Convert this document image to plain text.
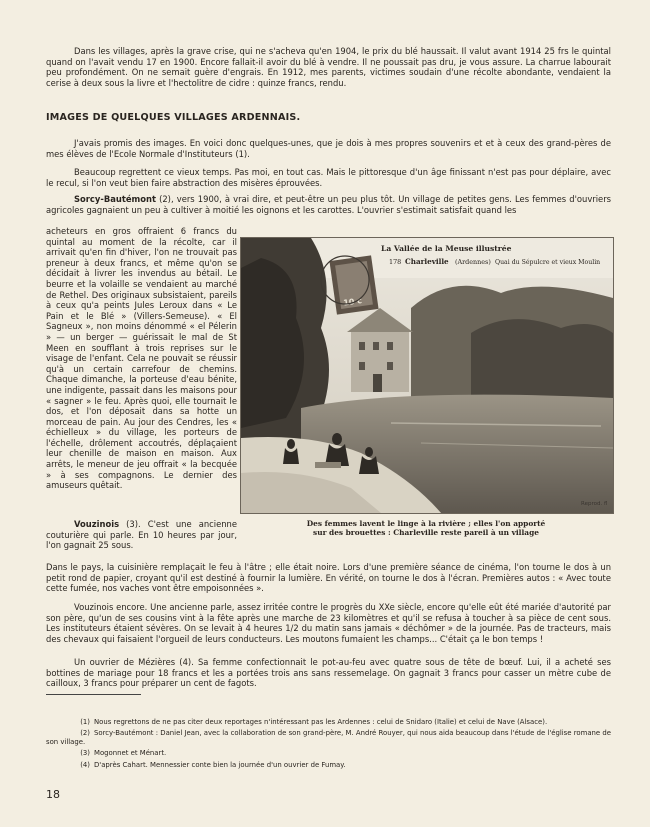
Dans les villages, après la grave crise, qui ne s'acheva qu'en 1904, le prix du blé haussait. Il valut avant 1914 25 frs le quintal quand on l'avait vendu 17 en 1900. Encore fallait-il avoir du blé à vendre. Il ne poussait pas dru, je vous assure. La charrue labourait peu profondément. On ne semait guère d'engrais. En 1912, mes parents, victimes soudain d'une récolte abondante, vendaient la cerise à deux sous la livre et l'hectolitre de cidre : quinze francs, rendu.

IMAGES DE QUELQUES VILLAGES ARDENNAIS.

J'avais promis des images. En voici donc quelques-unes, que je dois à mes propres souvenirs et et à ceux des grand-pères de mes élèves de l'Ecole Normale d'Instituteurs (1).

Beaucoup regrettent ce vieux temps. Pas moi, en tout cas. Mais le pittoresque d'un âge finissant n'est pas pour déplaire, avec le recul, si l'on veut bien faire abstraction des misères éprouvées.

Sorcy-Bautémont (2), vers 1900, à vrai dire, et peut-être un peu plus tôt. Un village de petites gens. Les femmes d'ouvriers agricoles gagnaient un peu à cultiver à moitié les oignons et les carottes. L'ouvrier s'estimait satisfait quand les

acheteurs en gros offraient 6 francs du quintal au moment de la récolte, car il arrivait qu'en fin d'hiver, l'on ne trouvait pas preneur à deux francs, et même qu'on se décidait à livrer les invendus au bétail. Le beurre et la volaille se vendaient au marché de Rethel. Des originaux subsistaient, pareils à ceux qu'a peints Jules Leroux dans « Le Pain et le Blé » (Villers-Semeuse). « El Sagneux », non moins dénommé « el Pélerin » — un berger — guérissait le mal de St Meen en soufflant à trois reprises sur le visage de l'enfant. Cela ne pouvait se réussir qu'à un certain carrefour de chemins. Chaque dimanche, la porteuse d'eau bénite, une indigente, passait dans les maisons pour « sagner » le feu. Après quoi, elle tournait le dos, et l'on déposait dans sa hotte un morceau de pain. Au jour des Cendres, les « échielleux » du village, les porteurs de l'échelle, drôlement accoutrés, déplaçaient leur chenille de maison en maison. Aux arrêts, le meneur de jeu offrait « la becquée » à ses compagnons. Le dernier des amuseurs quêtait.

La Vallée de la Meuse illustrée
178 Charleville (Ardennes) Quai du Sépulcre et vieux Moulin
10 c
Reprod. fl
Des femmes lavent le linge à la rivière ; elles l'on apporté
sur des brouettes : Charleville reste pareil à un village

Vouzinois (3). C'est une ancienne couturière qui parle. En 10 heures par jour, l'on gagnait 25 sous.

Dans le pays, la cuisinière remplaçait le feu à l'âtre ; elle était noire. Lors d'une première séance de cinéma, l'on tourne le dos à un petit rond de papier, croyant qu'il est destiné à fournir la lumière. En vérité, on tourne le dos à l'écran. Premières autos : « Avec toute cette fumée, nos vaches vont être empoisonnées ».

Vouzinois encore. Une ancienne parle, assez irritée contre le progrès du XXe siècle, encore qu'elle eût été mariée d'autorité par son père, qu'un de ses cousins vint à la fête après une marche de 23 kilomètres et qu'il se refusa à toucher à sa pièce de cent sous. Les instituteurs étaient sévères. On se levait à 4 heures 1/2 du matin sans jamais « déchômer » de la journée. Pas de tracteurs, mais des chevaux qui faisaient l'orgueil de leurs conducteurs. Les moutons fumaient les champs... C'était ça le bon temps !

Un ouvrier de Mézières (4). Sa femme confectionnait le pot-au-feu avec quatre sous de tête de bœuf. Lui, il a acheté ses bottines de mariage pour 18 francs et les a portées trois ans sans ressemelage. On gagnait 3 francs pour casser un mètre cube de cailloux, 3 francs pour préparer un cent de fagots.

(1) Nous regrettons de ne pas citer deux reportages n'intéressant pas les Ardennes : celui de Snidaro (Italie) et celui de Nave (Alsace).

(2) Sorcy-Bautémont : Daniel Jean, avec la collaboration de son grand-père, M. André Rouyer, qui nous aida beaucoup dans l'étude de l'église romane de son village.

(3) Mogonnet et Ménart.

(4) D'après Cahart. Mennessier conte bien la journée d'un ouvrier de Fumay.

18
